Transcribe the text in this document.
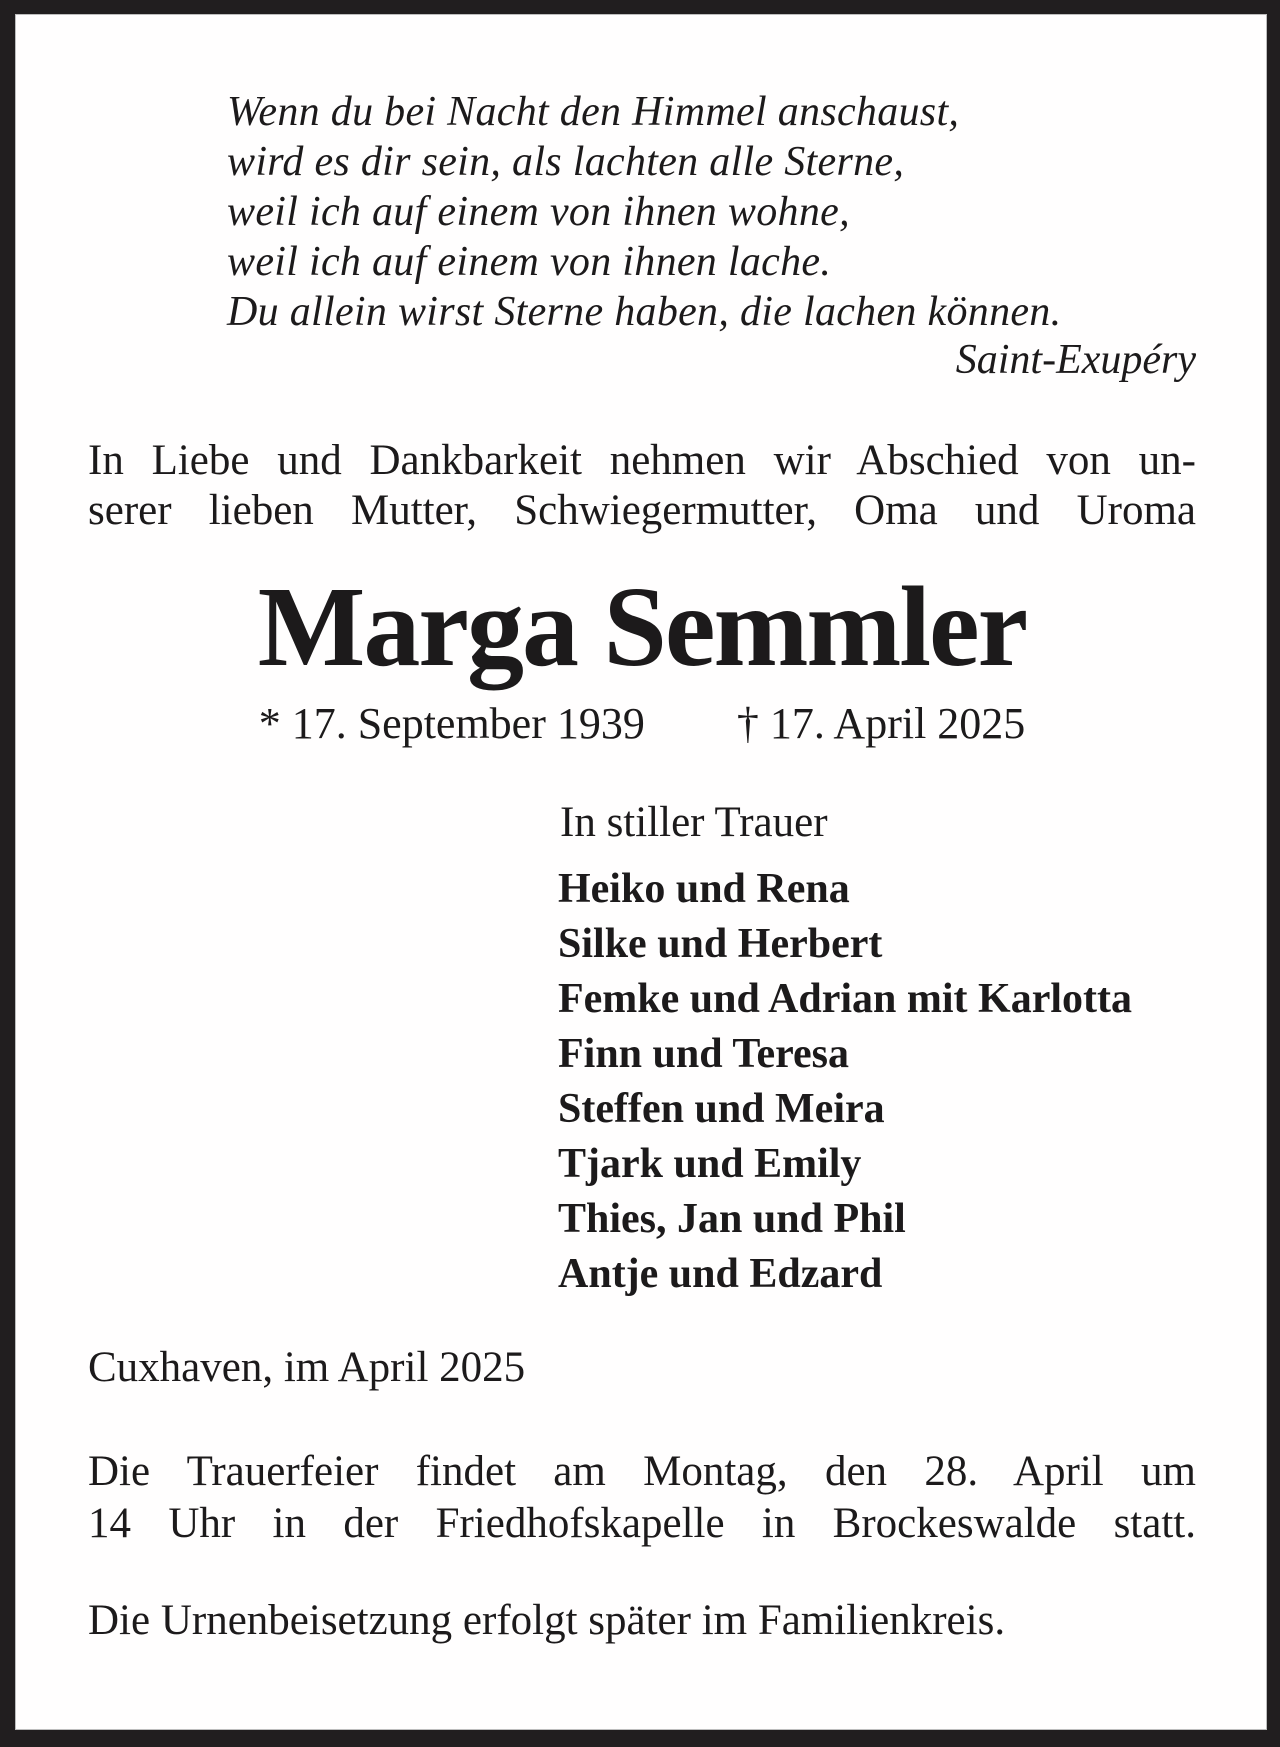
Wenn du bei Nacht den Himmel anschaust,
wird es dir sein, als lachten alle Sterne,
weil ich auf einem von ihnen wohne,
weil ich auf einem von ihnen lache.
Du allein wirst Sterne haben, die lachen können.
Saint-Exupéry
In Liebe und Dankbarkeit nehmen wir Abschied von un-
serer lieben Mutter, Schwiegermutter, Oma und Uroma
Marga Semmler
* 17. September 1939 † 17. April 2025
In stiller Trauer
Heiko und Rena
Silke und Herbert
Femke und Adrian mit Karlotta
Finn und Teresa
Steffen und Meira
Tjark und Emily
Thies, Jan und Phil
Antje und Edzard
Cuxhaven, im April 2025
Die Trauerfeier findet am Montag, den 28. April um
14 Uhr in der Friedhofskapelle in Brockeswalde statt.
Die Urnenbeisetzung erfolgt später im Familienkreis.
